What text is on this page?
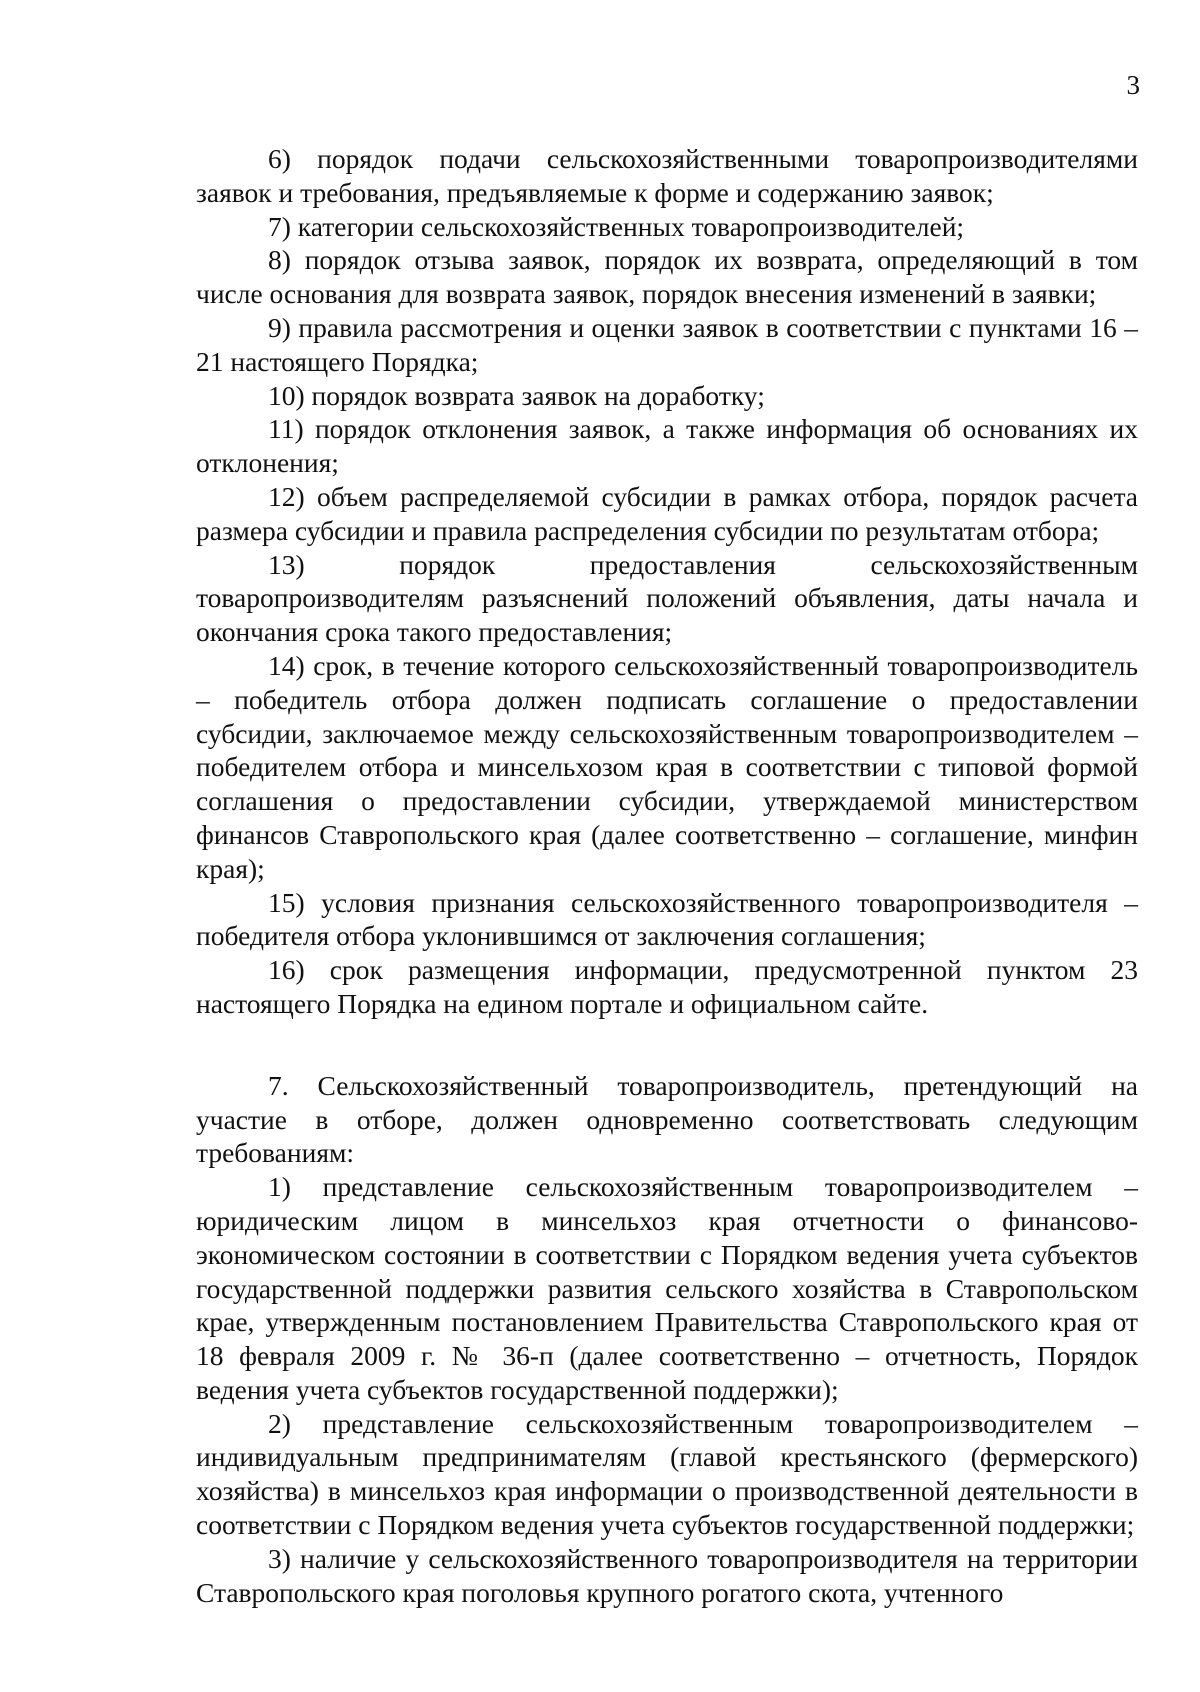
3

6) порядок подачи сельскохозяйственными товаропроизводителями заявок и требования, предъявляемые к форме и содержанию заявок;

7) категории сельскохозяйственных товаропроизводителей;

8) порядок отзыва заявок, порядок их возврата, определяющий в том числе основания для возврата заявок, порядок внесения изменений в заявки;

9) правила рассмотрения и оценки заявок в соответствии с пунктами 16 – 21 настоящего Порядка;

10) порядок возврата заявок на доработку;

11) порядок отклонения заявок, а также информация об основаниях их отклонения;

12) объем распределяемой субсидии в рамках отбора, порядок расчета размера субсидии и правила распределения субсидии по результатам отбора;

13) порядок предоставления сельскохозяйственным товаропроизводителям разъяснений положений объявления, даты начала и окончания срока такого предоставления;

14) срок, в течение которого сельскохозяйственный товаропроизводитель – победитель отбора должен подписать соглашение о предоставлении субсидии, заключаемое между сельскохозяйственным товаропроизводителем – победителем отбора и минсельхозом края в соответствии с типовой формой соглашения о предоставлении субсидии, утверждаемой министерством финансов Ставропольского края (далее соответственно – соглашение, минфин края);

15) условия признания сельскохозяйственного товаропроизводителя – победителя отбора уклонившимся от заключения соглашения;

16) срок размещения информации, предусмотренной пунктом 23 настоящего Порядка на едином портале и официальном сайте.

7. Сельскохозяйственный товаропроизводитель, претендующий на участие в отборе, должен одновременно соответствовать следующим требованиям:

1) представление сельскохозяйственным товаропроизводителем – юридическим лицом в минсельхоз края отчетности о финансово-экономическом состоянии в соответствии с Порядком ведения учета субъектов государственной поддержки развития сельского хозяйства в Ставропольском крае, утвержденным постановлением Правительства Ставропольского края от 18 февраля 2009 г. № 36-п (далее соответственно – отчетность, Порядок ведения учета субъектов государственной поддержки);

2) представление сельскохозяйственным товаропроизводителем – индивидуальным предпринимателям (главой крестьянского (фермерского) хозяйства) в минсельхоз края информации о производственной деятельности в соответствии с Порядком ведения учета субъектов государственной поддержки;

3) наличие у сельскохозяйственного товаропроизводителя на территории Ставропольского края поголовья крупного рогатого скота, учтенного
